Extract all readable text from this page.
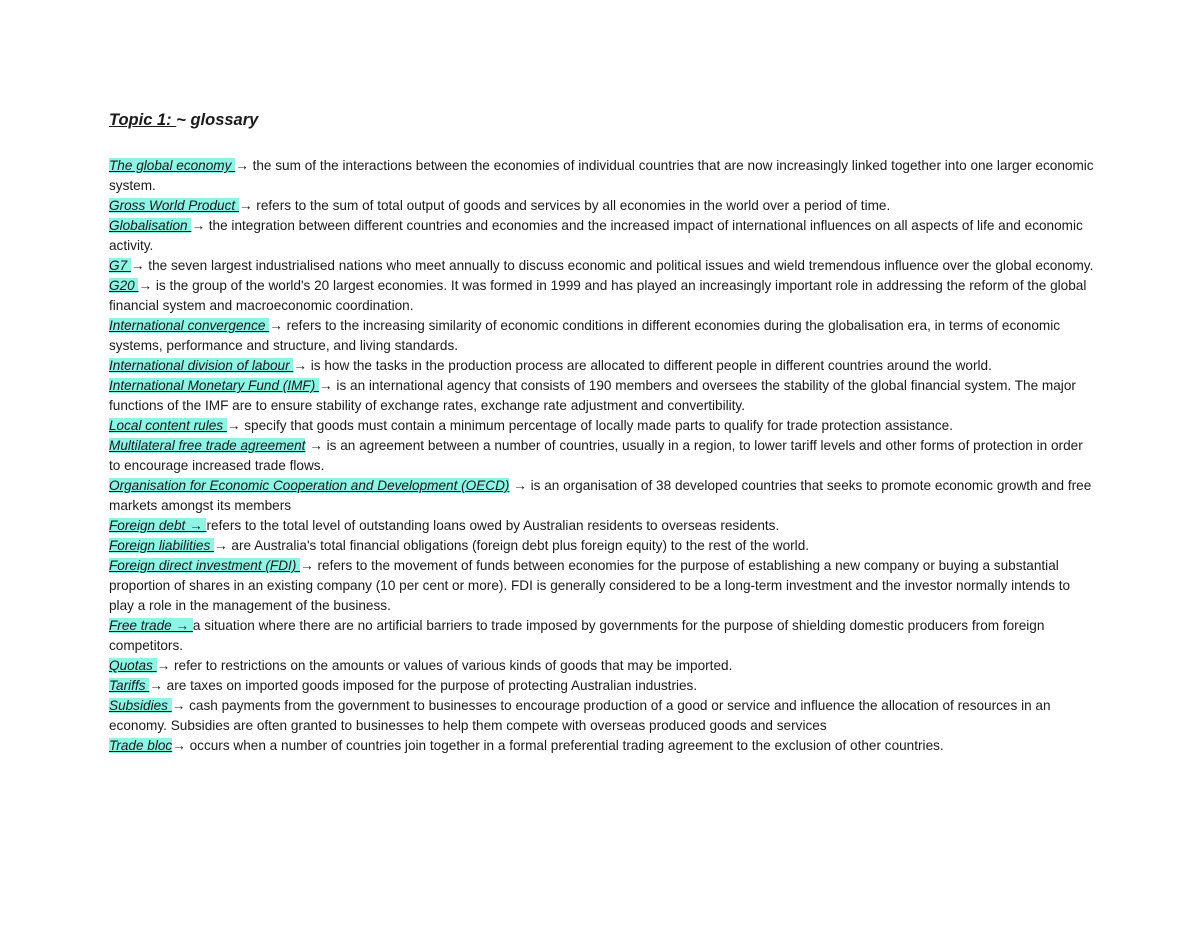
Topic 1: ~ glossary

The global economy → the sum of the interactions between the economies of individual countries that are now increasingly linked together into one larger economic system.

Gross World Product → refers to the sum of total output of goods and services by all economies in the world over a period of time.

Globalisation → the integration between different countries and economies and the increased impact of international influences on all aspects of life and economic activity.

G7 → the seven largest industrialised nations who meet annually to discuss economic and political issues and wield tremendous influence over the global economy.

G20 → is the group of the world's 20 largest economies. It was formed in 1999 and has played an increasingly important role in addressing the reform of the global financial system and macroeconomic coordination.

International convergence → refers to the increasing similarity of economic conditions in different economies during the globalisation era, in terms of economic systems, performance and structure, and living standards.

International division of labour → is how the tasks in the production process are allocated to different people in different countries around the world.

International Monetary Fund (IMF) → is an international agency that consists of 190 members and oversees the stability of the global financial system. The major functions of the IMF are to ensure stability of exchange rates, exchange rate adjustment and convertibility.

Local content rules → specify that goods must contain a minimum percentage of locally made parts to qualify for trade protection assistance.

Multilateral free trade agreement → is an agreement between a number of countries, usually in a region, to lower tariff levels and other forms of protection in order to encourage increased trade flows.

Organisation for Economic Cooperation and Development (OECD) → is an organisation of 38 developed countries that seeks to promote economic growth and free markets amongst its members

Foreign debt → refers to the total level of outstanding loans owed by Australian residents to overseas residents.

Foreign liabilities → are Australia's total financial obligations (foreign debt plus foreign equity) to the rest of the world.

Foreign direct investment (FDI) → refers to the movement of funds between economies for the purpose of establishing a new company or buying a substantial proportion of shares in an existing company (10 per cent or more). FDI is generally considered to be a long-term investment and the investor normally intends to play a role in the management of the business.

Free trade → a situation where there are no artificial barriers to trade imposed by governments for the purpose of shielding domestic producers from foreign competitors.

Quotas → refer to restrictions on the amounts or values of various kinds of goods that may be imported.

Tariffs → are taxes on imported goods imposed for the purpose of protecting Australian industries.

Subsidies → cash payments from the government to businesses to encourage production of a good or service and influence the allocation of resources in an economy. Subsidies are often granted to businesses to help them compete with overseas produced goods and services

Trade bloc→ occurs when a number of countries join together in a formal preferential trading agreement to the exclusion of other countries.
